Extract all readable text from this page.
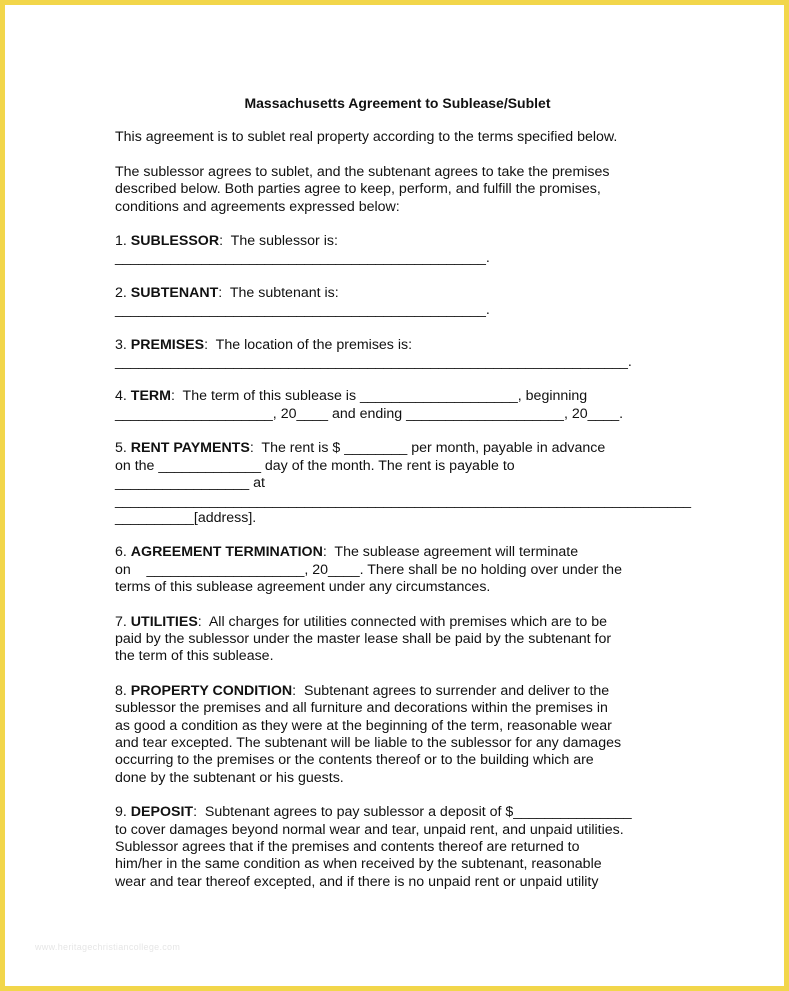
Massachusetts Agreement to Sublease/Sublet
This agreement is to sublet real property according to the terms specified below.
The sublessor agrees to sublet, and the subtenant agrees to take the premises
described below. Both parties agree to keep, perform, and fulfill the promises,
conditions and agreements expressed below:
1. SUBLESSOR:  The sublessor is:
_______________________________________________.
2. SUBTENANT:  The subtenant is:
_______________________________________________.
3. PREMISES:  The location of the premises is:
_________________________________________________________________.
4. TERM:  The term of this sublease is ____________________, beginning
____________________, 20____ and ending ____________________, 20____.
5. RENT PAYMENTS:  The rent is $ ________ per month, payable in advance
on the _____________ day of the month. The rent is payable to
_________________ at
_________________________________________________________________________
__________[address].
6. AGREEMENT TERMINATION:  The sublease agreement will terminate
on    ____________________, 20____. There shall be no holding over under the
terms of this sublease agreement under any circumstances.
7. UTILITIES:  All charges for utilities connected with premises which are to be
paid by the sublessor under the master lease shall be paid by the subtenant for
the term of this sublease.
8. PROPERTY CONDITION:  Subtenant agrees to surrender and deliver to the
sublessor the premises and all furniture and decorations within the premises in
as good a condition as they were at the beginning of the term, reasonable wear
and tear excepted. The subtenant will be liable to the sublessor for any damages
occurring to the premises or the contents thereof or to the building which are
done by the subtenant or his guests.
9. DEPOSIT:  Subtenant agrees to pay sublessor a deposit of $_______________
to cover damages beyond normal wear and tear, unpaid rent, and unpaid utilities.
Sublessor agrees that if the premises and contents thereof are returned to
him/her in the same condition as when received by the subtenant, reasonable
wear and tear thereof excepted, and if there is no unpaid rent or unpaid utility
www.heritagechristiancollege.com
